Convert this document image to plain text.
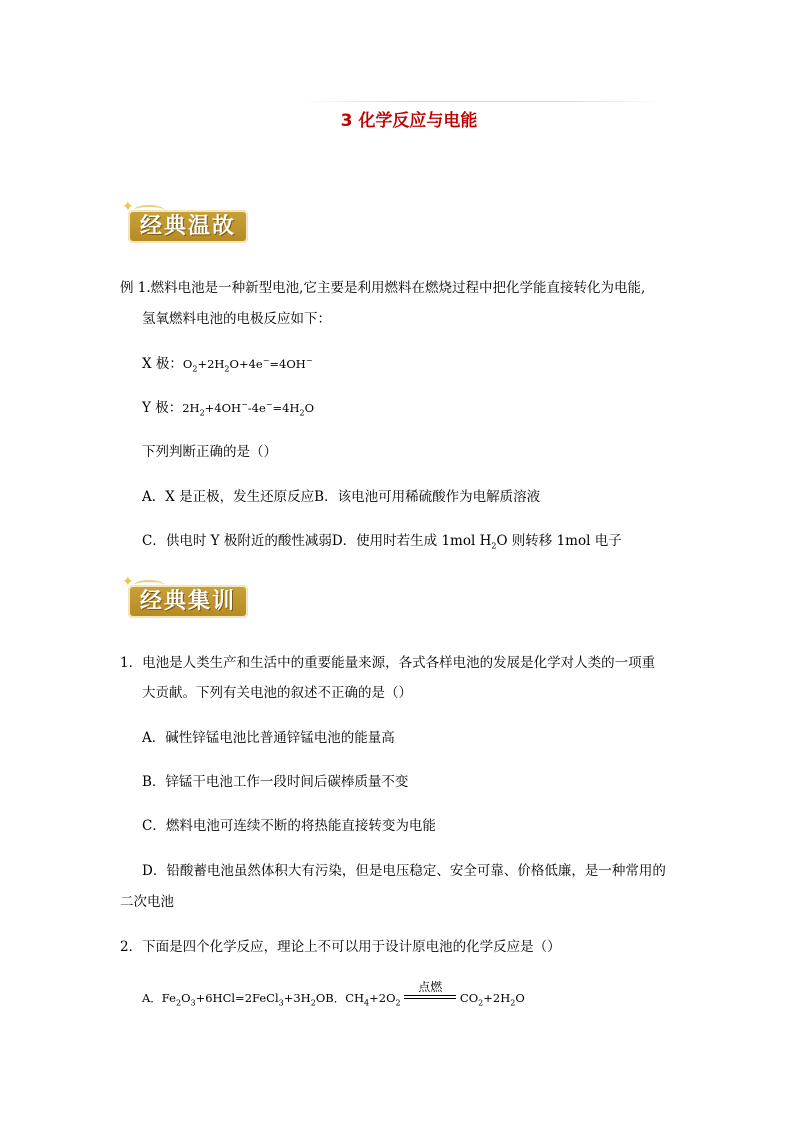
3 化学反应与电能
✦
经典温故
例 1.燃料电池是一种新型电池,它主要是利用燃料在燃烧过程中把化学能直接转化为电能,
氢氧燃料电池的电极反应如下：
X 极：$O_2+2H_2O+4e^-=4OH^-$
Y 极：$2H_2+4OH^--4e^-=4H_2O$
下列判断正确的是（）
A．X 是正极，发生还原反应B．该电池可用稀硫酸作为电解质溶液
C．供电时 Y 极附近的酸性减弱D．使用时若生成 1mol $H_2O$ 则转移 1mol 电子
✦
经典集训
1．电池是人类生产和生活中的重要能量来源，各式各样电池的发展是化学对人类的一项重
大贡献。下列有关电池的叙述不正确的是（）
A．碱性锌锰电池比普通锌锰电池的能量高
B．锌锰干电池工作一段时间后碳棒质量不变
C．燃料电池可连续不断的将热能直接转变为电能
D．铅酸蓄电池虽然体积大有污染，但是电压稳定、安全可靠、价格低廉，是一种常用的
二次电池
2．下面是四个化学反应，理论上不可以用于设计原电池的化学反应是（）
A．$Fe_2O_3+6HCl=2FeCl_3+3H_2OB$．$CH_4+2O_2$
点燃
$CO_2+2H_2O$
